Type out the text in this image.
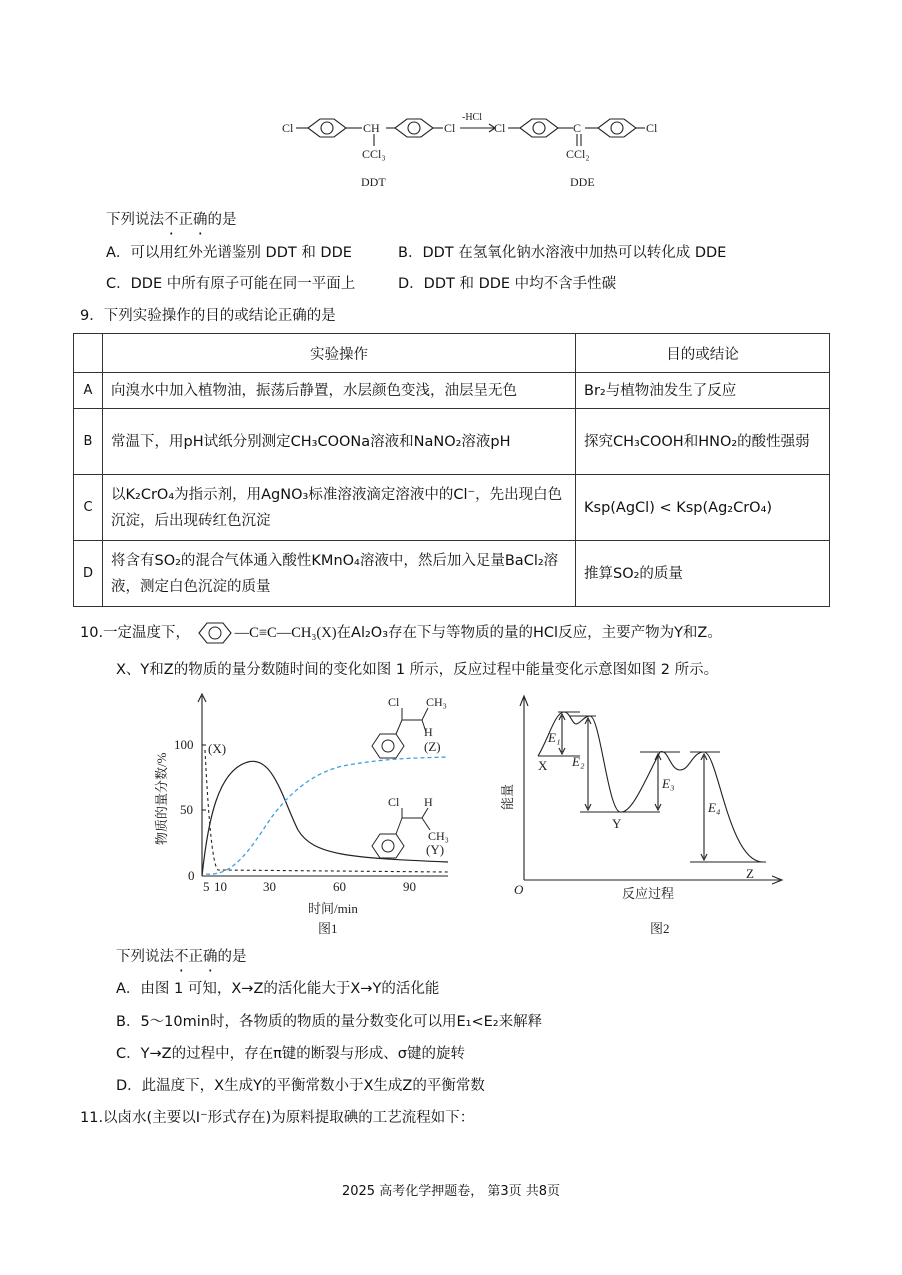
Cl	CH	Cl
CCl₃
-HCl
Cl	C	Cl
CCl₂
DDT	DDE
下列说法不正确的是
A．可以用红外光谱鉴别 DDT 和 DDE	B．DDT 在氢氧化钠水溶液中加热可以转化成 DDE
C．DDE 中所有原子可能在同一平面上	D．DDT 和 DDE 中均不含手性碳
9．下列实验操作的目的或结论正确的是
	实验操作	目的或结论
A	向溴水中加入植物油，振荡后静置，水层颜色变浅，油层呈无色	Br₂与植物油发生了反应
B	常温下，用pH试纸分别测定CH₃COONa溶液和NaNO₂溶液pH	探究CH₃COOH和HNO₂的酸性强弱
C	以K₂CrO₄为指示剂，用AgNO₃标准溶液滴定溶液中的Cl⁻，先出现白色沉淀，后出现砖红色沉淀	Ksp(AgCl) < Ksp(Ag₂CrO₄)
D	将含有SO₂的混合气体通入酸性KMnO₄溶液中，然后加入足量BaCl₂溶液，测定白色沉淀的质量	推算SO₂的质量
10.一定温度下，	—C≡C—CH₃(X)在Al₂O₃存在下与等物质的量的HCl反应，主要产物为Y和Z。
X、Y和Z的物质的量分数随时间的变化如图 1 所示，反应过程中能量变化示意图如图 2 所示。
0
50
100
5 10	30	60	90
(X)
(Y)
(Z)
时间/min
图1
物质的量分数/%
Cl CH₃
H
Cl H
CH₃
O
X
Y
Z
E₁
E₂
E₃
E₄
反应过程
图2
能量
下列说法不正确的是
A．由图 1 可知，X→Z的活化能大于X→Y的活化能
B．5～10min时，各物质的物质的量分数变化可以用E₁<E₂来解释
C．Y→Z的过程中，存在π键的断裂与形成、σ键的旋转
D．此温度下，X生成Y的平衡常数小于X生成Z的平衡常数
11.以卤水(主要以I⁻形式存在)为原料提取碘的工艺流程如下：
2025 高考化学押题卷， 第3页 共8页
